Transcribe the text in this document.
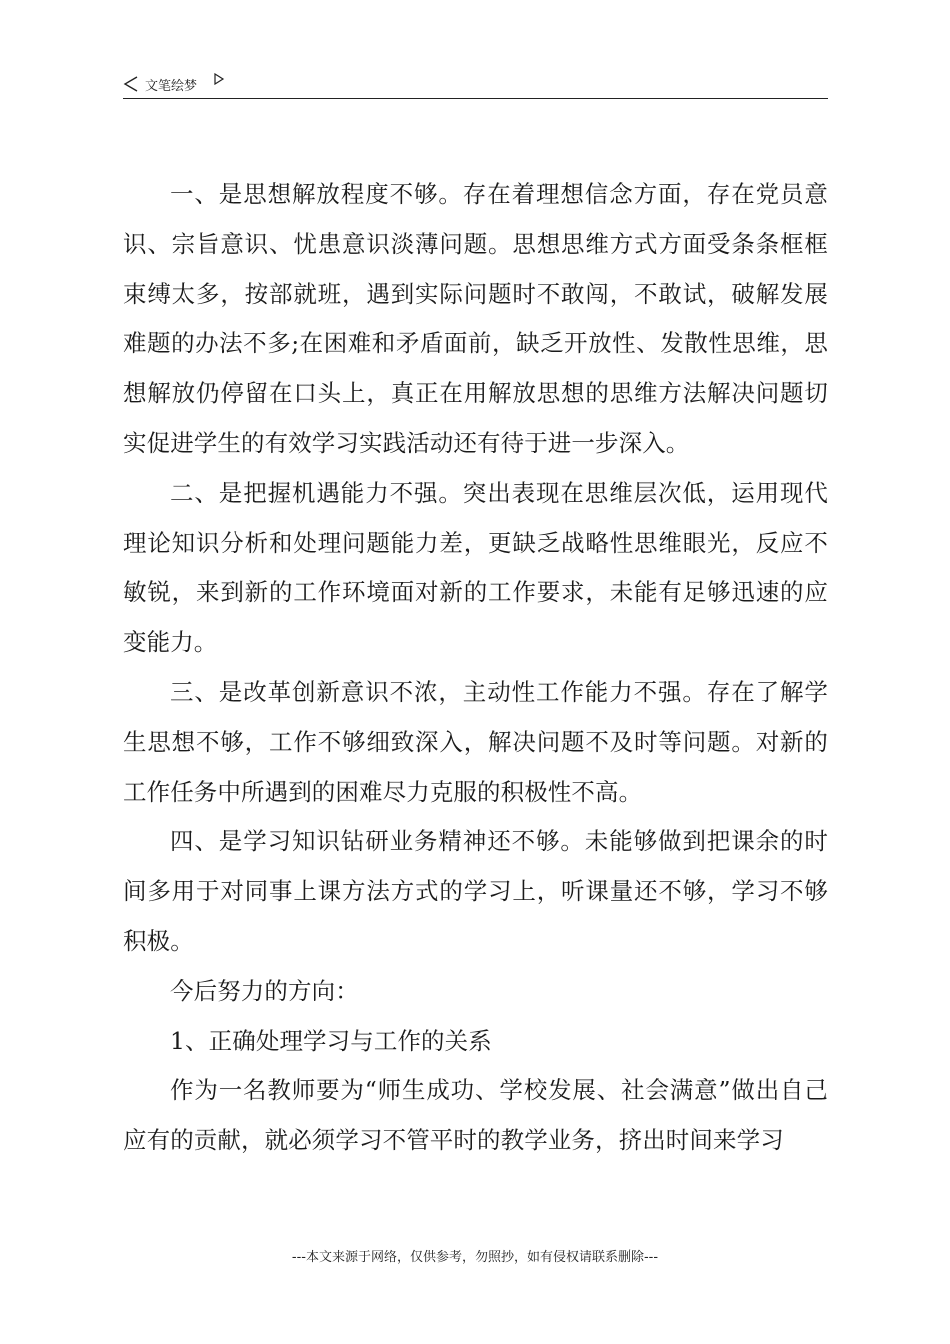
文笔绘梦

一、是思想解放程度不够。存在着理想信念方面，存在党员意识、宗旨意识、忧患意识淡薄问题。思想思维方式方面受条条框框束缚太多，按部就班，遇到实际问题时不敢闯，不敢试，破解发展难题的办法不多;在困难和矛盾面前，缺乏开放性、发散性思维，思想解放仍停留在口头上，真正在用解放思想的思维方法解决问题切实促进学生的有效学习实践活动还有待于进一步深入。

二、是把握机遇能力不强。突出表现在思维层次低，运用现代理论知识分析和处理问题能力差，更缺乏战略性思维眼光，反应不敏锐，来到新的工作环境面对新的工作要求，未能有足够迅速的应变能力。

三、是改革创新意识不浓，主动性工作能力不强。存在了解学生思想不够，工作不够细致深入，解决问题不及时等问题。对新的工作任务中所遇到的困难尽力克服的积极性不高。

四、是学习知识钻研业务精神还不够。未能够做到把课余的时间多用于对同事上课方法方式的学习上，听课量还不够，学习不够积极。

今后努力的方向：

1、正确处理学习与工作的关系

作为一名教师要为“师生成功、学校发展、社会满意”做出自己应有的贡献，就必须学习不管平时的教学业务，挤出时间来学习

---本文来源于网络，仅供参考，勿照抄，如有侵权请联系删除---
